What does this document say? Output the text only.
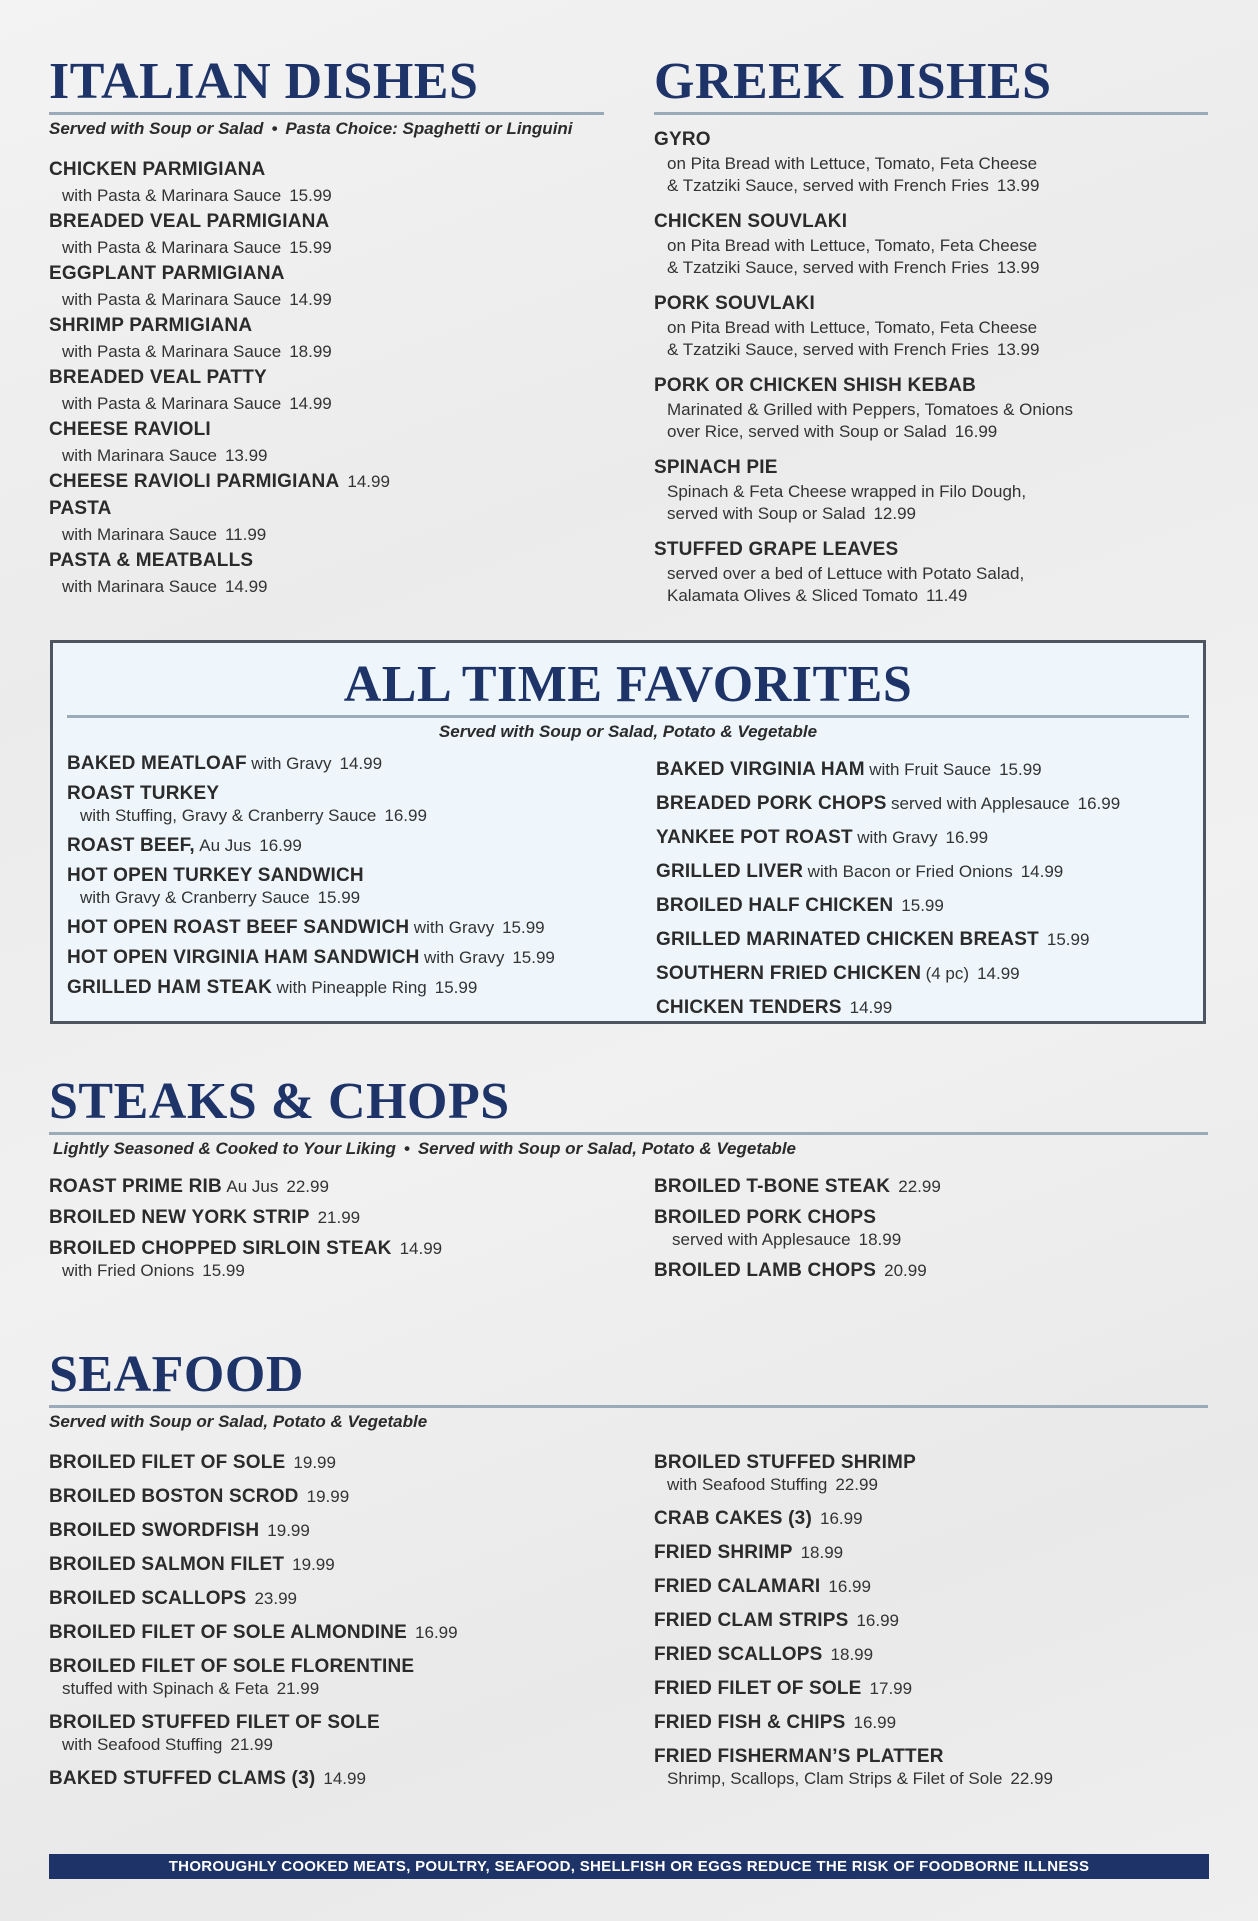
ITALIAN DISHES
Served with Soup or Salad • Pasta Choice: Spaghetti or Linguini
CHICKEN PARMIGIANA
with Pasta & Marinara Sauce 15.99
BREADED VEAL PARMIGIANA
with Pasta & Marinara Sauce 15.99
EGGPLANT PARMIGIANA
with Pasta & Marinara Sauce 14.99
SHRIMP PARMIGIANA
with Pasta & Marinara Sauce 18.99
BREADED VEAL PATTY
with Pasta & Marinara Sauce 14.99
CHEESE RAVIOLI
with Marinara Sauce 13.99
CHEESE RAVIOLI PARMIGIANA 14.99
PASTA
with Marinara Sauce 11.99
PASTA & MEATBALLS
with Marinara Sauce 14.99
GREEK DISHES
GYRO
on Pita Bread with Lettuce, Tomato, Feta Cheese
& Tzatziki Sauce, served with French Fries 13.99
CHICKEN SOUVLAKI
on Pita Bread with Lettuce, Tomato, Feta Cheese
& Tzatziki Sauce, served with French Fries 13.99
PORK SOUVLAKI
on Pita Bread with Lettuce, Tomato, Feta Cheese
& Tzatziki Sauce, served with French Fries 13.99
PORK OR CHICKEN SHISH KEBAB
Marinated & Grilled with Peppers, Tomatoes & Onions
over Rice, served with Soup or Salad 16.99
SPINACH PIE
Spinach & Feta Cheese wrapped in Filo Dough,
served with Soup or Salad 12.99
STUFFED GRAPE LEAVES
served over a bed of Lettuce with Potato Salad,
Kalamata Olives & Sliced Tomato 11.49
ALL TIME FAVORITES
Served with Soup or Salad, Potato & Vegetable
BAKED MEATLOAF with Gravy 14.99
ROAST TURKEY
with Stuffing, Gravy & Cranberry Sauce 16.99
ROAST BEEF, Au Jus 16.99
HOT OPEN TURKEY SANDWICH
with Gravy & Cranberry Sauce 15.99
HOT OPEN ROAST BEEF SANDWICH with Gravy 15.99
HOT OPEN VIRGINIA HAM SANDWICH with Gravy 15.99
GRILLED HAM STEAK with Pineapple Ring 15.99
BAKED VIRGINIA HAM with Fruit Sauce 15.99
BREADED PORK CHOPS served with Applesauce 16.99
YANKEE POT ROAST with Gravy 16.99
GRILLED LIVER with Bacon or Fried Onions 14.99
BROILED HALF CHICKEN 15.99
GRILLED MARINATED CHICKEN BREAST 15.99
SOUTHERN FRIED CHICKEN (4 pc) 14.99
CHICKEN TENDERS 14.99
STEAKS & CHOPS
Lightly Seasoned & Cooked to Your Liking • Served with Soup or Salad, Potato & Vegetable
ROAST PRIME RIB Au Jus 22.99
BROILED NEW YORK STRIP 21.99
BROILED CHOPPED SIRLOIN STEAK 14.99
with Fried Onions 15.99
BROILED T-BONE STEAK 22.99
BROILED PORK CHOPS
served with Applesauce 18.99
BROILED LAMB CHOPS 20.99
SEAFOOD
Served with Soup or Salad, Potato & Vegetable
BROILED FILET OF SOLE 19.99
BROILED BOSTON SCROD 19.99
BROILED SWORDFISH 19.99
BROILED SALMON FILET 19.99
BROILED SCALLOPS 23.99
BROILED FILET OF SOLE ALMONDINE 16.99
BROILED FILET OF SOLE FLORENTINE
stuffed with Spinach & Feta 21.99
BROILED STUFFED FILET OF SOLE
with Seafood Stuffing 21.99
BAKED STUFFED CLAMS (3) 14.99
BROILED STUFFED SHRIMP
with Seafood Stuffing 22.99
CRAB CAKES (3) 16.99
FRIED SHRIMP 18.99
FRIED CALAMARI 16.99
FRIED CLAM STRIPS 16.99
FRIED SCALLOPS 18.99
FRIED FILET OF SOLE 17.99
FRIED FISH & CHIPS 16.99
FRIED FISHERMAN’S PLATTER
Shrimp, Scallops, Clam Strips & Filet of Sole 22.99
THOROUGHLY COOKED MEATS, POULTRY, SEAFOOD, SHELLFISH OR EGGS REDUCE THE RISK OF FOODBORNE ILLNESS
